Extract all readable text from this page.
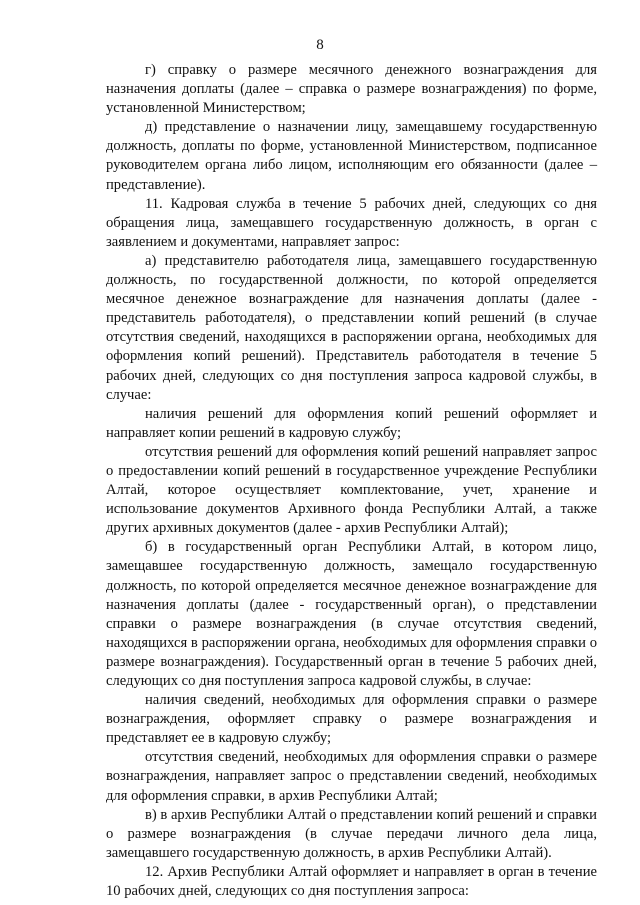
8

г) справку о размере месячного денежного вознаграждения для назначения доплаты (далее – справка о размере вознаграждения) по форме, установленной Министерством;

д) представление о назначении лицу, замещавшему государственную должность, доплаты по форме, установленной Министерством, подписанное руководителем органа либо лицом, исполняющим его обязанности (далее – представление).

11. Кадровая служба в течение 5 рабочих дней, следующих со дня обращения лица, замещавшего государственную должность, в орган с заявлением и документами, направляет запрос:

а) представителю работодателя лица, замещавшего государственную должность, по государственной должности, по которой определяется месячное денежное вознаграждение для назначения доплаты (далее - представитель работодателя), о представлении копий решений (в случае отсутствия сведений, находящихся в распоряжении органа, необходимых для оформления копий решений). Представитель работодателя в течение 5 рабочих дней, следующих со дня поступления запроса кадровой службы, в случае:

наличия решений для оформления копий решений оформляет и направляет копии решений в кадровую службу;

отсутствия решений для оформления копий решений направляет запрос о предоставлении копий решений в государственное учреждение Республики Алтай, которое осуществляет комплектование, учет, хранение и использование документов Архивного фонда Республики Алтай, а также других архивных документов (далее - архив Республики Алтай);

б) в государственный орган Республики Алтай, в котором лицо, замещавшее государственную должность, замещало государственную должность, по которой определяется месячное денежное вознаграждение для назначения доплаты (далее - государственный орган), о представлении справки о размере вознаграждения (в случае отсутствия сведений, находящихся в распоряжении органа, необходимых для оформления справки о размере вознаграждения). Государственный орган в течение 5 рабочих дней, следующих со дня поступления запроса кадровой службы, в случае:

наличия сведений, необходимых для оформления справки о размере вознаграждения, оформляет справку о размере вознаграждения и представляет ее в кадровую службу;

отсутствия сведений, необходимых для оформления справки о размере вознаграждения, направляет запрос о представлении сведений, необходимых для оформления справки, в архив Республики Алтай;

в) в архив Республики Алтай о представлении копий решений и справки о размере вознаграждения (в случае передачи личного дела лица, замещавшего государственную должность, в архив Республики Алтай).

12. Архив Республики Алтай оформляет и направляет в орган в течение 10 рабочих дней, следующих со дня поступления запроса:
